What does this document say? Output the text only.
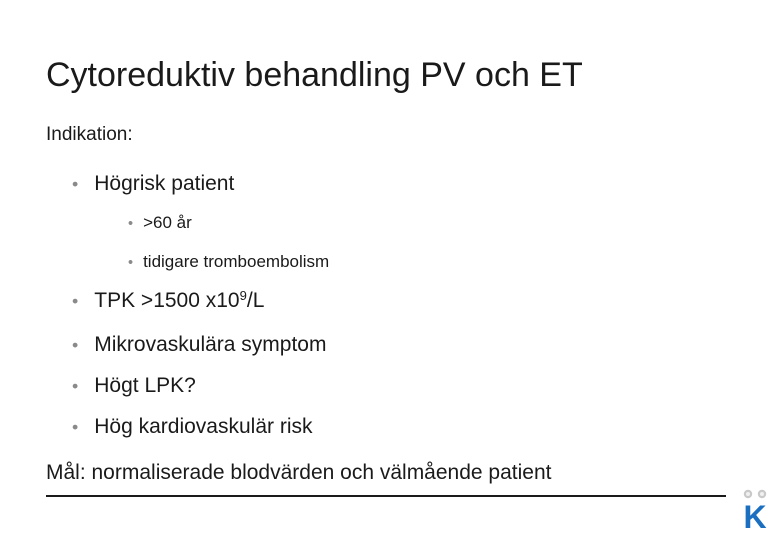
Cytoreduktiv behandling PV och ET
Indikation:
• Högrisk patient
• >60 år
• tidigare tromboembolism
• TPK >1500 $x10^9/L$
• Mikrovaskulära symptom
• Högt LPK?
• Hög kardiovaskulär risk
Mål: normaliserade blodvärden och välmående patient
K
